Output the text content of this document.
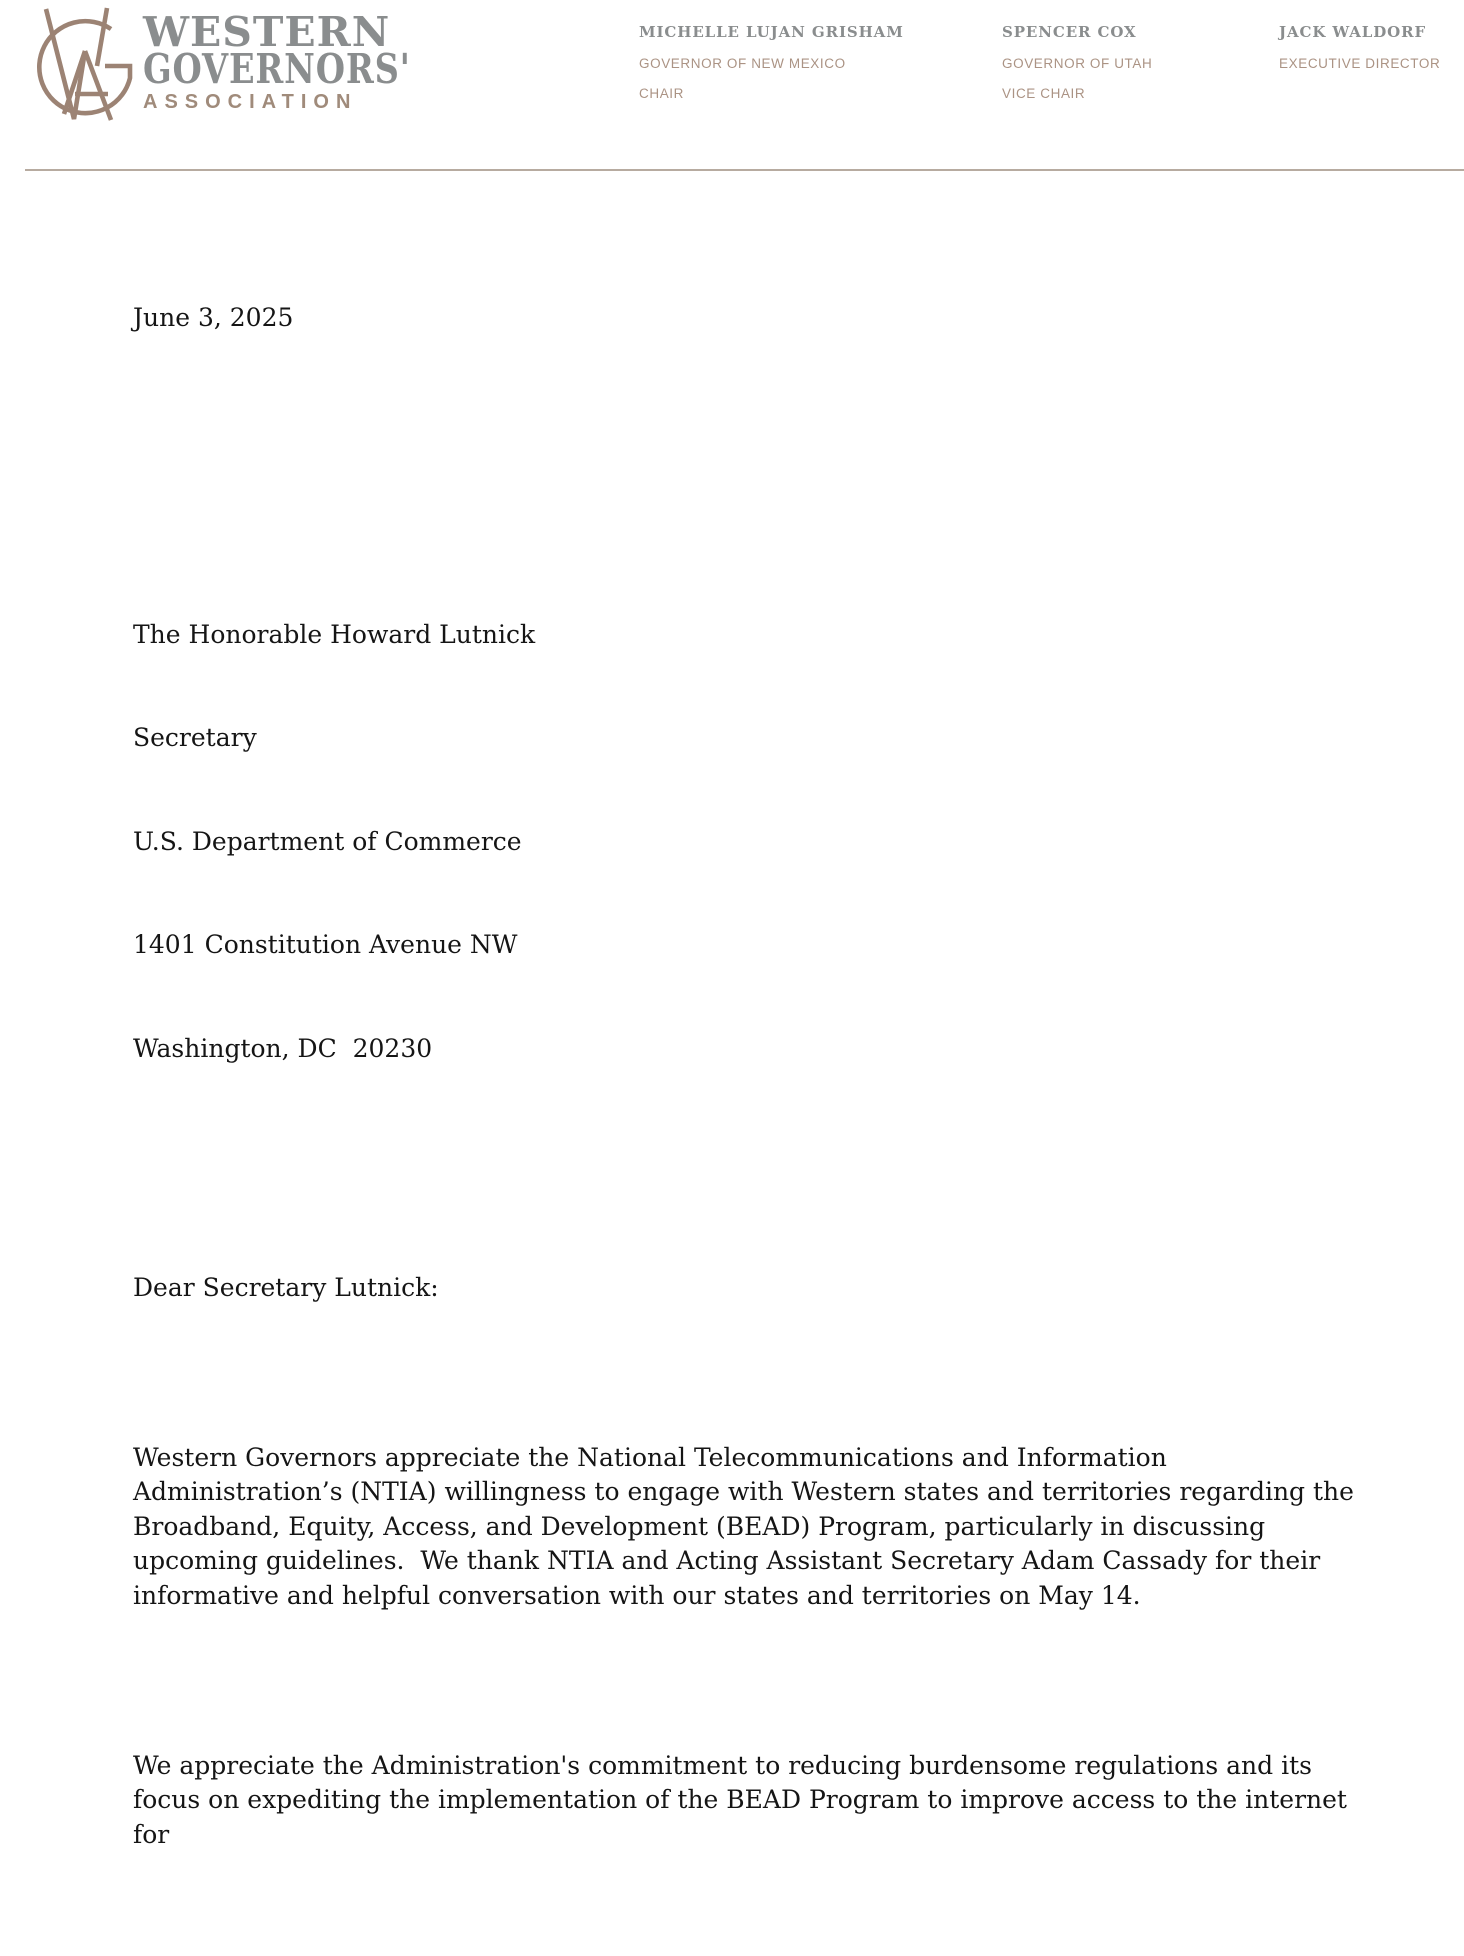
WESTERN
GOVERNORS'
ASSOCIATION
MICHELLE LUJAN GRISHAM
GOVERNOR OF NEW MEXICO
CHAIR
SPENCER COX
GOVERNOR OF UTAH
VICE CHAIR
JACK WALDORF
EXECUTIVE DIRECTOR

June 3, 2025

The Honorable Howard Lutnick

Secretary

U.S. Department of Commerce

1401 Constitution Avenue NW

Washington, DC  20230

Dear Secretary Lutnick:

Western Governors appreciate the National Telecommunications and Information Administration’s (NTIA) willingness to engage with Western states and territories regarding the Broadband, Equity, Access, and Development (BEAD) Program, particularly in discussing upcoming guidelines.  We thank NTIA and Acting Assistant Secretary Adam Cassady for their informative and helpful conversation with our states and territories on May 14.

We appreciate the Administration's commitment to reducing burdensome regulations and its focus on expediting the implementation of the BEAD Program to improve access to the internet for
